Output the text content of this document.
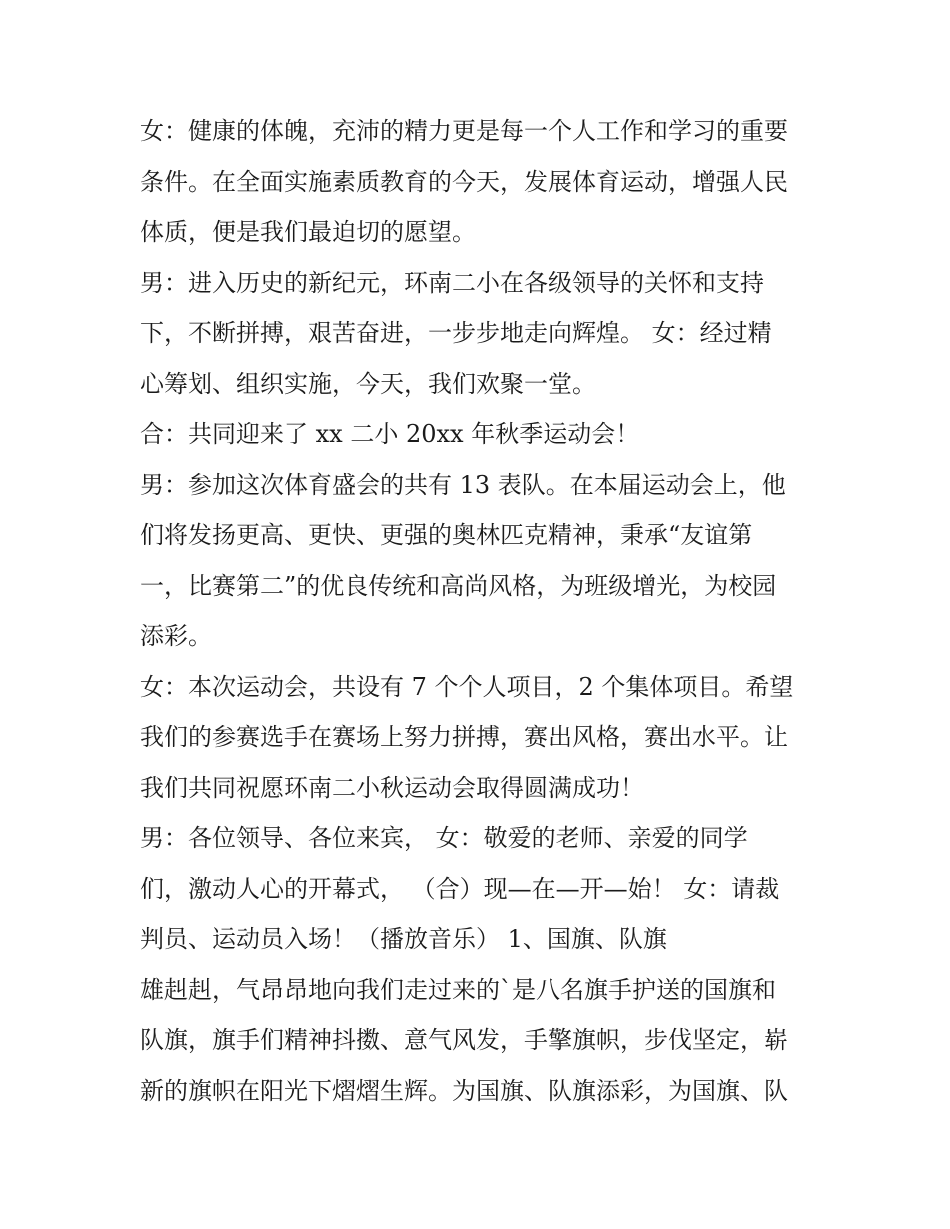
女：健康的体魄，充沛的精力更是每一个人工作和学习的重要
条件。在全面实施素质教育的今天，发展体育运动，增强人民
体质，便是我们最迫切的愿望。
男：进入历史的新纪元，环南二小在各级领导的关怀和支持
下，不断拼搏，艰苦奋进，一步步地走向辉煌。 女：经过精
心筹划、组织实施，今天，我们欢聚一堂。
合：共同迎来了 xx 二小 20xx 年秋季运动会！
男：参加这次体育盛会的共有 13 表队。在本届运动会上，他
们将发扬更高、更快、更强的奥林匹克精神，秉承“友谊第
一，比赛第二”的优良传统和高尚风格，为班级增光，为校园
添彩。
女：本次运动会，共设有 7 个个人项目，2 个集体项目。希望
我们的参赛选手在赛场上努力拼搏，赛出风格，赛出水平。让
我们共同祝愿环南二小秋运动会取得圆满成功！
男：各位领导、各位来宾， 女：敬爱的老师、亲爱的同学
们，激动人心的开幕式， （合）现—在—开—始！ 女：请裁
判员、运动员入场！（播放音乐） 1、国旗、队旗
雄赳赳，气昂昂地向我们走过来的`是八名旗手护送的国旗和
队旗，旗手们精神抖擞、意气风发，手擎旗帜，步伐坚定，崭
新的旗帜在阳光下熠熠生辉。为国旗、队旗添彩，为国旗、队
